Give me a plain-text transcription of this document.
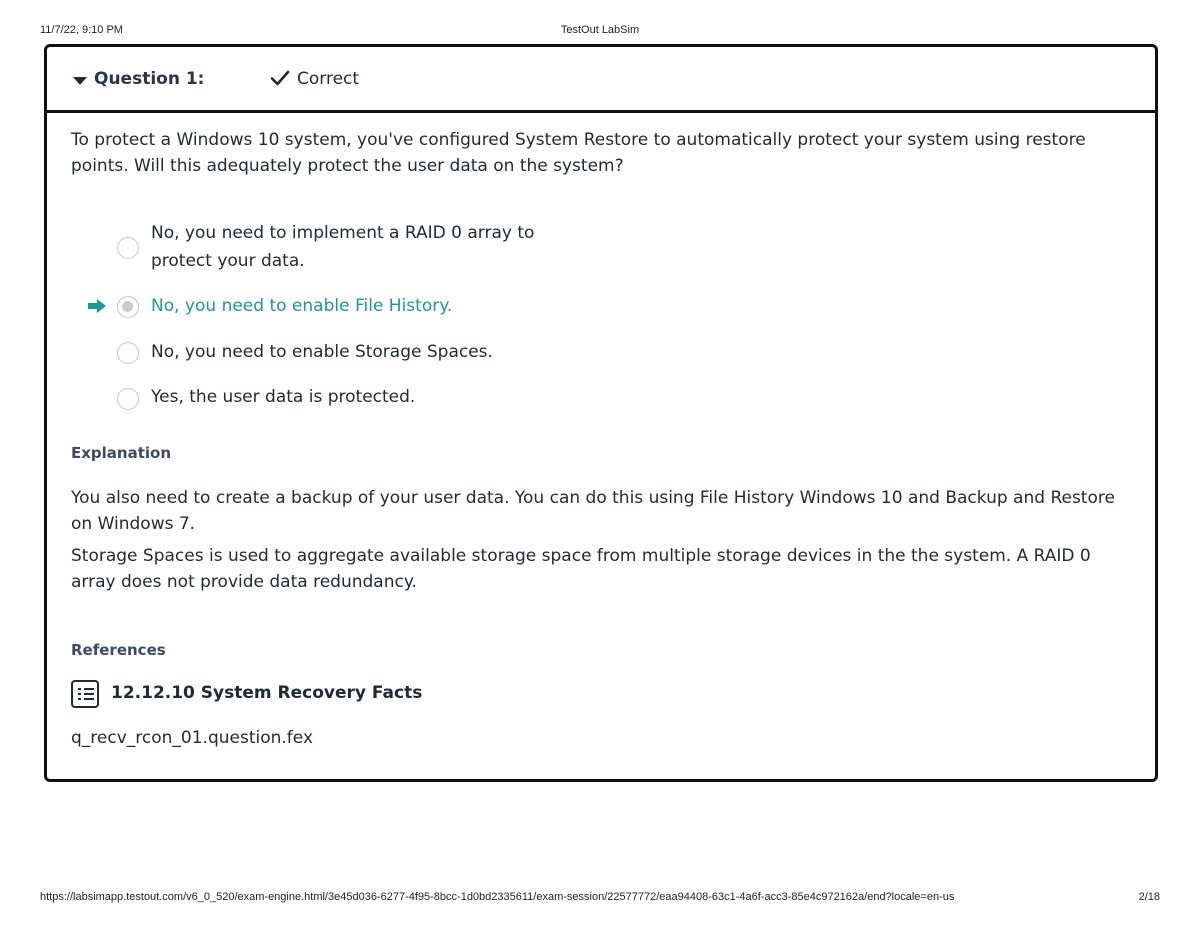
11/7/22, 9:10 PM	TestOut LabSim
Question 1:	Correct
To protect a Windows 10 system, you've configured System Restore to automatically protect your system using restore points. Will this adequately protect the user data on the system?
No, you need to implement a RAID 0 array to
protect your data.
No, you need to enable File History.
No, you need to enable Storage Spaces.
Yes, the user data is protected.
Explanation
You also need to create a backup of your user data. You can do this using File History Windows 10 and Backup and Restore on Windows 7.
Storage Spaces is used to aggregate available storage space from multiple storage devices in the the system. A RAID 0 array does not provide data redundancy.
References
12.12.10 System Recovery Facts
q_recv_rcon_01.question.fex
https://labsimapp.testout.com/v6_0_520/exam-engine.html/3e45d036-6277-4f95-8bcc-1d0bd2335611/exam-session/22577772/eaa94408-63c1-4a6f-acc3-85e4c972162a/end?locale=en-us	2/18
